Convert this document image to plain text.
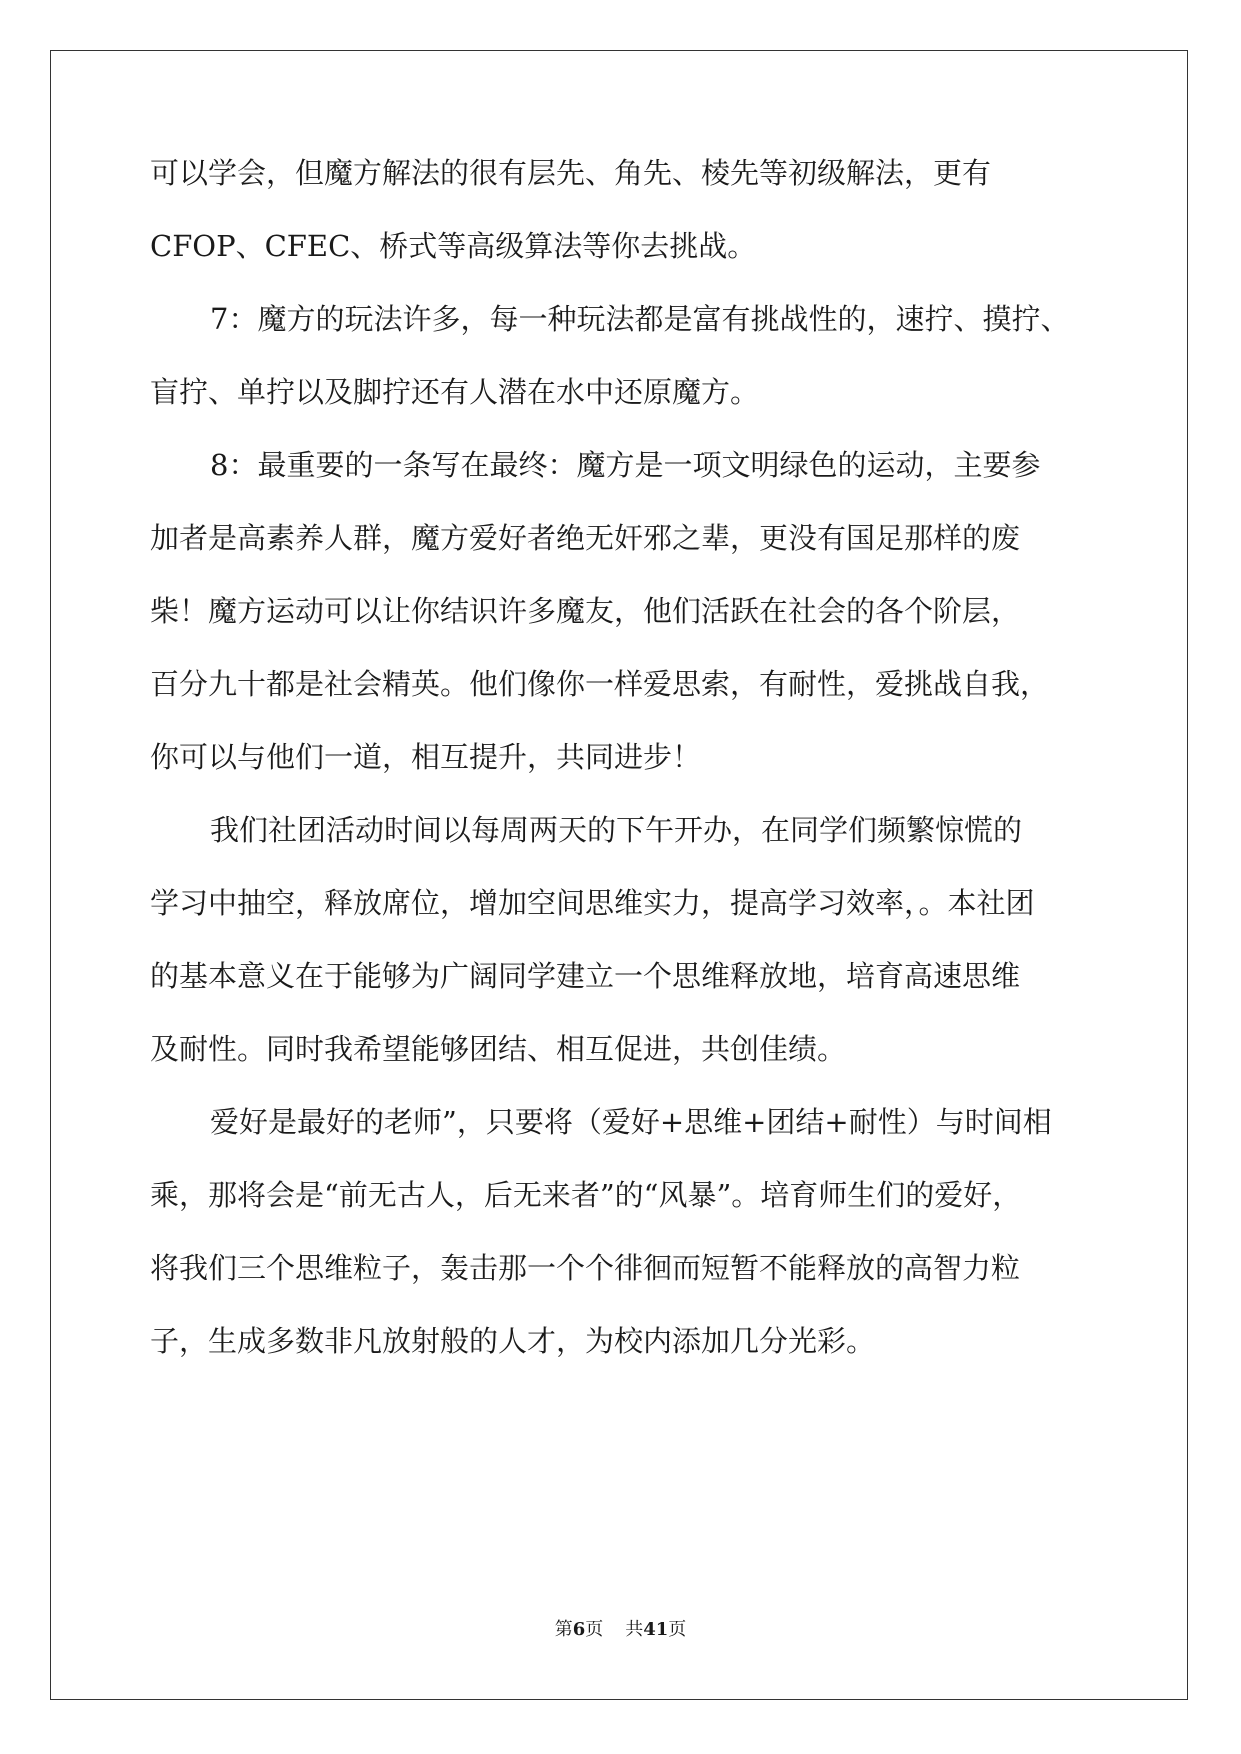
可以学会，但魔方解法的很有层先、角先、棱先等初级解法，更有
CFOP、CFEC、桥式等高级算法等你去挑战。
7：魔方的玩法许多，每一种玩法都是富有挑战性的，速拧、摸拧、
盲拧、单拧以及脚拧还有人潜在水中还原魔方。
8：最重要的一条写在最终：魔方是一项文明绿色的运动，主要参
加者是高素养人群，魔方爱好者绝无奸邪之辈，更没有国足那样的废
柴！魔方运动可以让你结识许多魔友，他们活跃在社会的各个阶层，
百分九十都是社会精英。他们像你一样爱思索，有耐性，爱挑战自我，
你可以与他们一道，相互提升，共同进步！
我们社团活动时间以每周两天的下午开办，在同学们频繁惊慌的
学习中抽空，释放席位，增加空间思维实力，提高学习效率，。本社团
的基本意义在于能够为广阔同学建立一个思维释放地，培育高速思维
及耐性。同时我希望能够团结、相互促进，共创佳绩。
爱好是最好的老师”，只要将（爱好+思维+团结+耐性）与时间相
乘，那将会是“前无古人，后无来者”的“风暴”。培育师生们的爱好，
将我们三个思维粒子，轰击那一个个徘徊而短暂不能释放的高智力粒
子，生成多数非凡放射般的人才，为校内添加几分光彩。
第6页 共41页
